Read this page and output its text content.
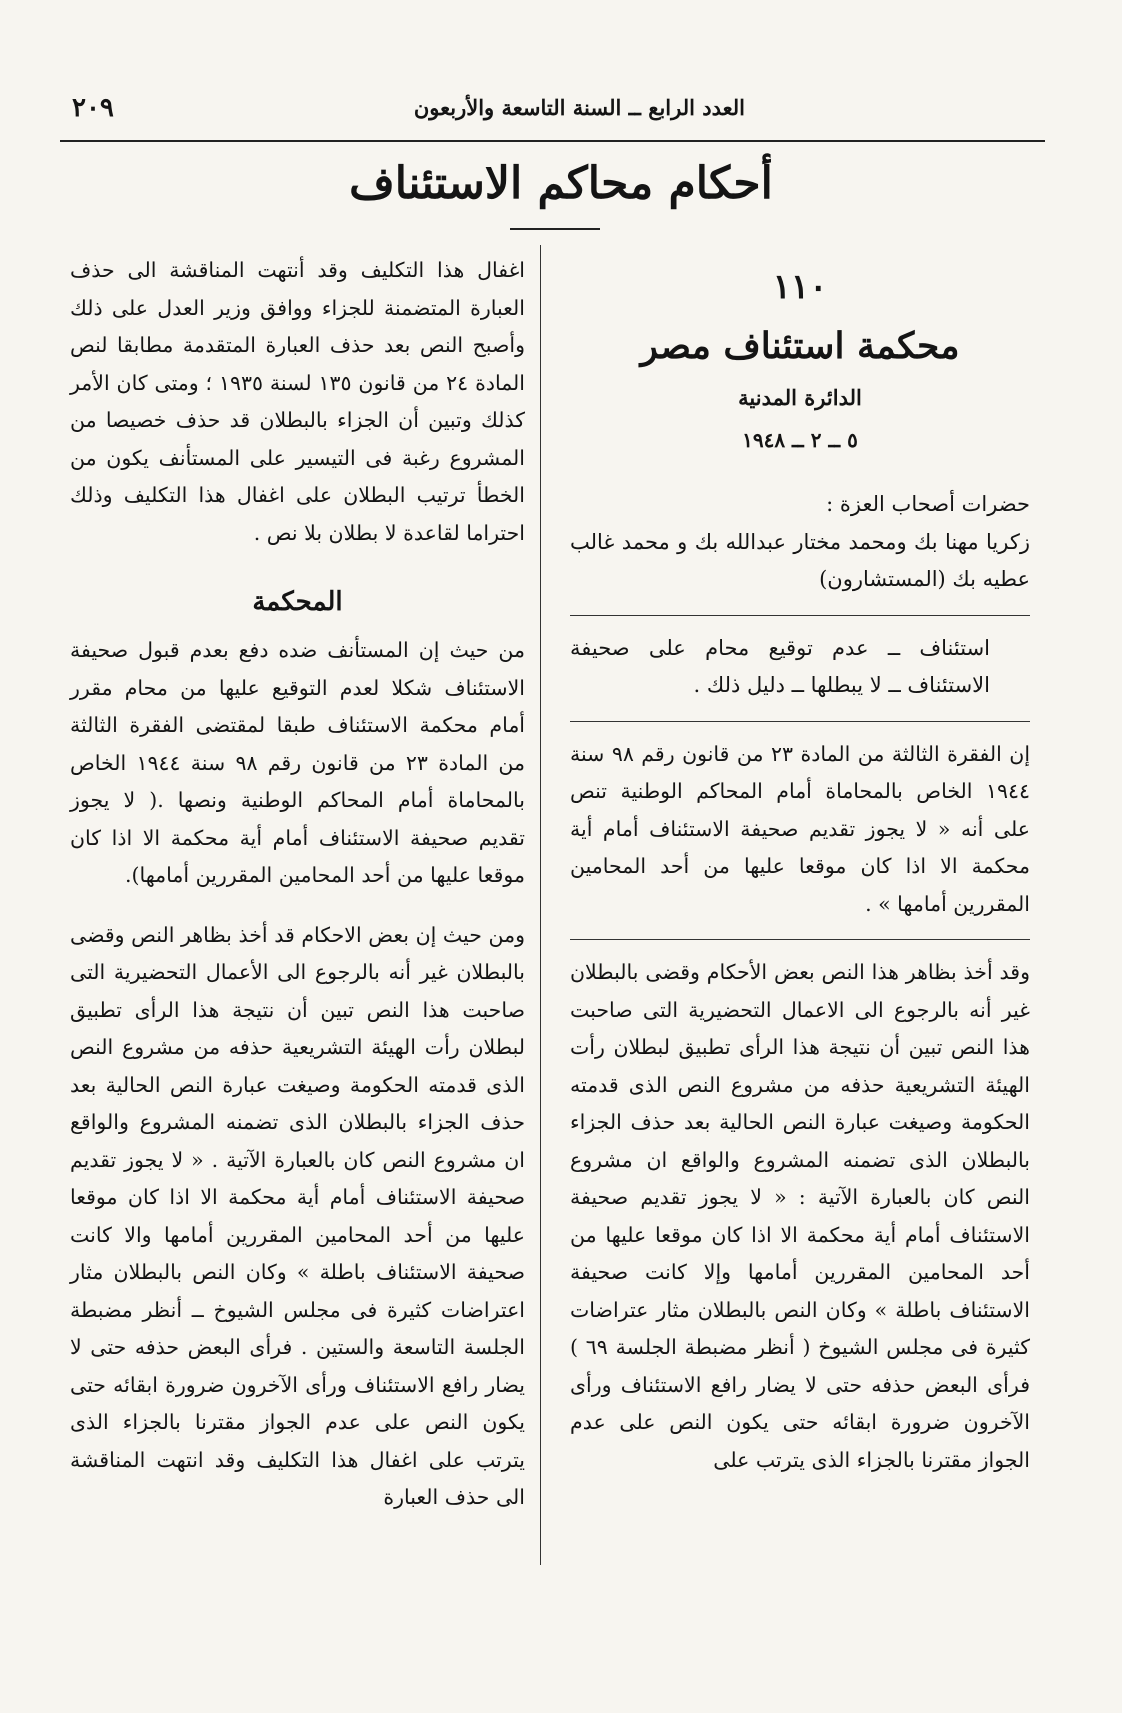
العدد الرابع ــ السنة التاسعة والأربعون
٢٠٩
أحكام محاكم الاستئناف
١١٠
محكمة استئناف مصر
الدائرة المدنية
٥ ــ ٢ ــ ١٩٤٨
حضرات أصحاب العزة :
زكريا مهنا بك ومحمد مختار عبدالله بك و محمد غالب عطيه بك (المستشارون)
استئناف ــ عدم توقيع محام على صحيفة الاستئناف ــ لا يبطلها ــ دليل ذلك .

إن الفقرة الثالثة من المادة ٢٣ من قانون رقم ٩٨ سنة ١٩٤٤ الخاص بالمحاماة أمام المحاكم الوطنية تنص على أنه « لا يجوز تقديم صحيفة الاستئناف أمام أية محكمة الا اذا كان موقعا عليها من أحد المحامين المقررين أمامها » .

وقد أخذ بظاهر هذا النص بعض الأحكام وقضى بالبطلان غير أنه بالرجوع الى الاعمال التحضيرية التى صاحبت هذا النص تبين أن نتيجة هذا الرأى تطبيق لبطلان رأت الهيئة التشريعية حذفه من مشروع النص الذى قدمته الحكومة وصيغت عبارة النص الحالية بعد حذف الجزاء بالبطلان الذى تضمنه المشروع والواقع ان مشروع النص كان بالعبارة الآتية : « لا يجوز تقديم صحيفة الاستئناف أمام أية محكمة الا اذا كان موقعا عليها من أحد المحامين المقررين أمامها وإلا كانت صحيفة الاستئناف باطلة » وكان النص بالبطلان مثار عتراضات كثيرة فى مجلس الشيوخ ( أنظر مضبطة الجلسة ٦٩ ) فرأى البعض حذفه حتى لا يضار رافع الاستئناف ورأى الآخرون ضرورة ابقائه حتى يكون النص على عدم الجواز مقترنا بالجزاء الذى يترتب على

اغفال هذا التكليف وقد أنتهت المناقشة الى حذف العبارة المتضمنة للجزاء ووافق وزير العدل على ذلك وأصبح النص بعد حذف العبارة المتقدمة مطابقا لنص المادة ٢٤ من قانون ١٣٥ لسنة ١٩٣٥ ؛ ومتى كان الأمر كذلك وتبين أن الجزاء بالبطلان قد حذف خصيصا من المشروع رغبة فى التيسير على المستأنف يكون من الخطأ ترتيب البطلان على اغفال هذا التكليف وذلك احتراما لقاعدة لا بطلان بلا نص .

المحكمة

من حيث إن المستأنف ضده دفع بعدم قبول صحيفة الاستئناف شكلا لعدم التوقيع عليها من محام مقرر أمام محكمة الاستئناف طبقا لمقتضى الفقرة الثالثة من المادة ٢٣ من قانون رقم ٩٨ سنة ١٩٤٤ الخاص بالمحاماة أمام المحاكم الوطنية ونصها .( لا يجوز تقديم صحيفة الاستئناف أمام أية محكمة الا اذا كان موقعا عليها من أحد المحامين المقررين أمامها).

ومن حيث إن بعض الاحكام قد أخذ بظاهر النص وقضى بالبطلان غير أنه بالرجوع الى الأعمال التحضيرية التى صاحبت هذا النص تبين أن نتيجة هذا الرأى تطبيق لبطلان رأت الهيئة التشريعية حذفه من مشروع النص الذى قدمته الحكومة وصيغت عبارة النص الحالية بعد حذف الجزاء بالبطلان الذى تضمنه المشروع والواقع ان مشروع النص كان بالعبارة الآتية . « لا يجوز تقديم صحيفة الاستئناف أمام أية محكمة الا اذا كان موقعا عليها من أحد المحامين المقررين أمامها والا كانت صحيفة الاستئناف باطلة » وكان النص بالبطلان مثار اعتراضات كثيرة فى مجلس الشيوخ ــ أنظر مضبطة الجلسة التاسعة والستين . فرأى البعض حذفه حتى لا يضار رافع الاستئناف ورأى الآخرون ضرورة ابقائه حتى يكون النص على عدم الجواز مقترنا بالجزاء الذى يترتب على اغفال هذا التكليف وقد انتهت المناقشة الى حذف العبارة
